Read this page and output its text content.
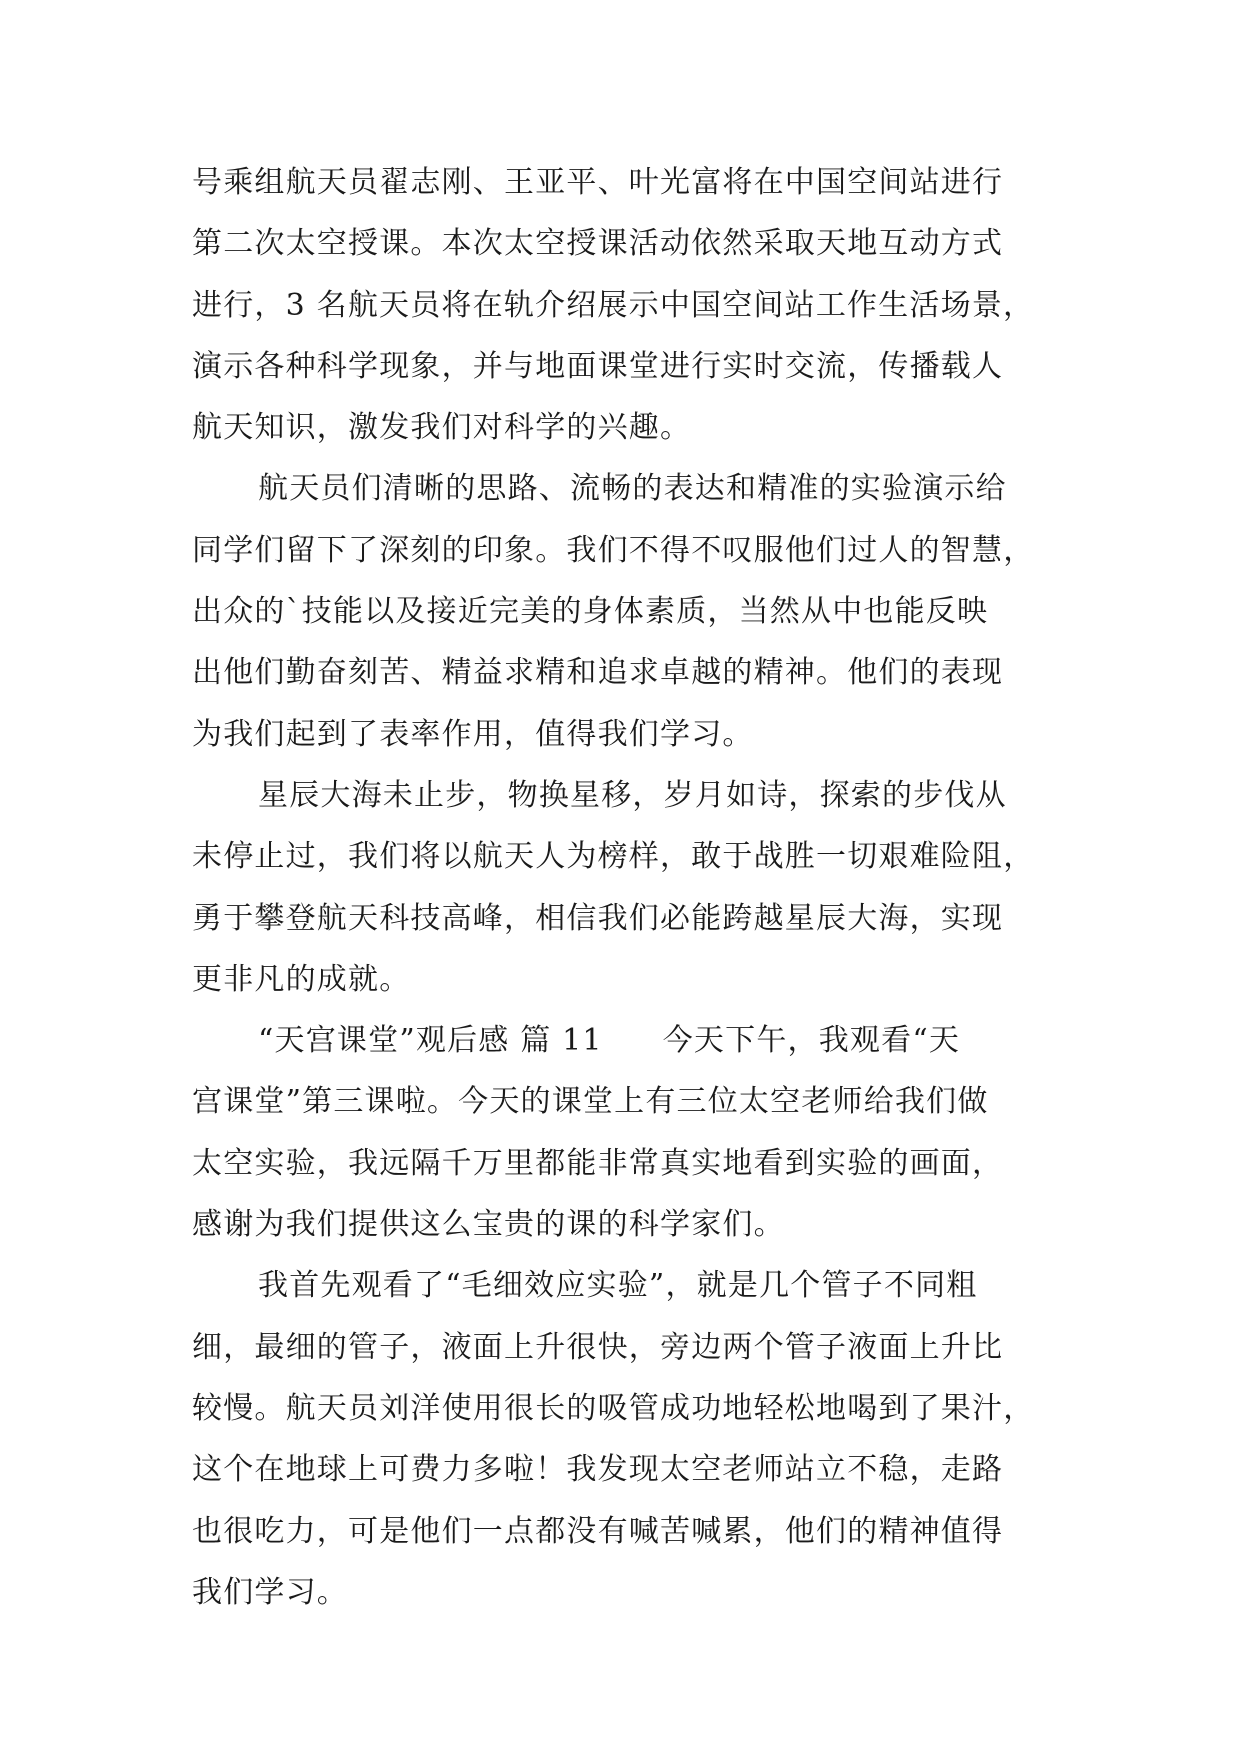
号乘组航天员翟志刚、王亚平、叶光富将在中国空间站进行
第二次太空授课。本次太空授课活动依然采取天地互动方式
进行，3 名航天员将在轨介绍展示中国空间站工作生活场景，
演示各种科学现象，并与地面课堂进行实时交流，传播载人
航天知识，激发我们对科学的兴趣。
航天员们清晰的思路、流畅的表达和精准的实验演示给
同学们留下了深刻的印象。我们不得不叹服他们过人的智慧，
出众的`技能以及接近完美的身体素质，当然从中也能反映
出他们勤奋刻苦、精益求精和追求卓越的精神。他们的表现
为我们起到了表率作用，值得我们学习。
星辰大海未止步，物换星移，岁月如诗，探索的步伐从
未停止过，我们将以航天人为榜样，敢于战胜一切艰难险阻，
勇于攀登航天科技高峰，相信我们必能跨越星辰大海，实现
更非凡的成就。
“天宫课堂”观后感 篇 11 今天下午，我观看“天
宫课堂”第三课啦。今天的课堂上有三位太空老师给我们做
太空实验，我远隔千万里都能非常真实地看到实验的画面，
感谢为我们提供这么宝贵的课的科学家们。
我首先观看了“毛细效应实验”，就是几个管子不同粗
细，最细的管子，液面上升很快，旁边两个管子液面上升比
较慢。航天员刘洋使用很长的吸管成功地轻松地喝到了果汁，
这个在地球上可费力多啦！我发现太空老师站立不稳，走路
也很吃力，可是他们一点都没有喊苦喊累，他们的精神值得
我们学习。
